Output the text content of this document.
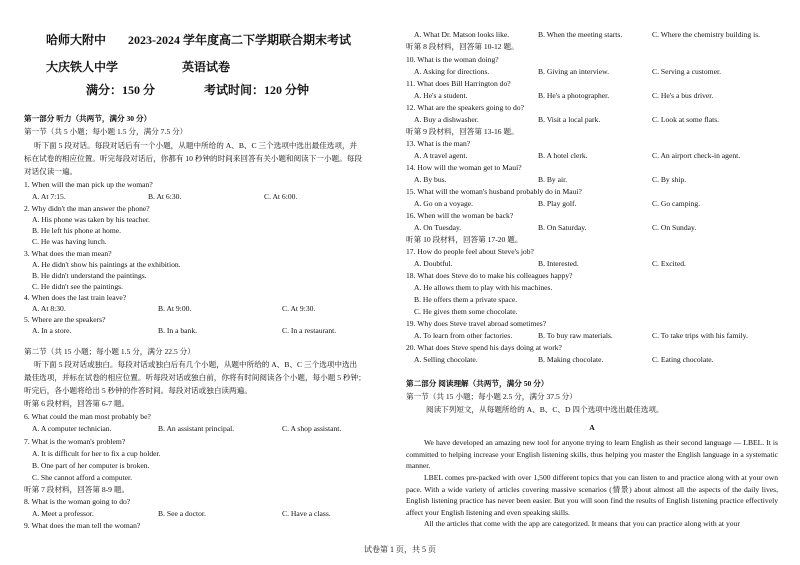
哈师大附中 2023-2024 学年度高二下学期联合期末考试
大庆铁人中学	英语试卷
满分：150 分	考试时间：120 分钟
第一部分 听力（共两节，满分 30 分）
第一节（共 5 小题；每小题 1.5 分，满分 7.5 分）
听下面 5 段对话。每段对话后有一个小题，从题中所给的 A、B、C 三个选项中选出最佳选项，并
标在试卷的相应位置。听完每段对话后，你都有 10 秒钟的时间来回答有关小题和阅读下一小题。每段
对话仅读一遍。
1. When will the man pick up the woman?
A. At 7:15.	B. At 6:30.	C. At 6:00.
2. Why didn't the man answer the phone?
A. His phone was taken by his teacher.
B. He left his phone at home.
C. He was having lunch.
3. What does the man mean?
A. He didn't show his paintings at the exhibition.
B. He didn't understand the paintings.
C. He didn't see the paintings.
4. When does the last train leave?
A. At 8:30.	B. At 9:00.	C. At 9:30.
5. Where are the speakers?
A. In a store.	B. In a bank.	C. In a restaurant.
第二节（共 15 小题；每小题 1.5 分，满分 22.5 分）
听下面 5 段对话或独白。每段对话或独白后有几个小题，从题中所给的 A、B、C 三个选项中选出
最佳选项，并标在试卷的相应位置。听每段对话或独白前，你将有时间阅读各个小题，每小题 5 秒钟；
听完后，各小题将给出 5 秒钟的作答时间。每段对话或独白读两遍。
听第 6 段材料，回答第 6-7 题。
6. What could the man most probably be?
A. A computer technician.	B. An assistant principal.	C. A shop assistant.
7. What is the woman's problem?
A. It is difficult for her to fix a cup holder.
B. One part of her computer is broken.
C. She cannot afford a computer.
听第 7 段材料，回答第 8-9 题。
8. What is the woman going to do?
A. Meet a professor.	B. See a doctor.	C. Have a class.
9. What does the man tell the woman?
A. What Dr. Matson looks like.	B. When the meeting starts.	C. Where the chemistry building is.
听第 8 段材料，回答第 10-12 题。
10. What is the woman doing?
A. Asking for directions.	B. Giving an interview.	C. Serving a customer.
11. What does Bill Harrington do?
A. He's a student.	B. He's a photographer.	C. He's a bus driver.
12. What are the speakers going to do?
A. Buy a dishwasher.	B. Visit a local park.	C. Look at some flats.
听第 9 段材料，回答第 13-16 题。
13. What is the man?
A. A travel agent.	B. A hotel clerk.	C. An airport check-in agent.
14. How will the woman get to Maui?
A. By bus.	B. By air.	C. By ship.
15. What will the woman's husband probably do in Maui?
A. Go on a voyage.	B. Play golf.	C. Go camping.
16. When will the woman be back?
A. On Tuesday.	B. On Saturday.	C. On Sunday.
听第 10 段材料，回答第 17-20 题。
17. How do people feel about Steve's job?
A. Doubtful.	B. Interested.	C. Excited.
18. What does Steve do to make his colleagues happy?
A. He allows them to play with his machines.
B. He offers them a private space.
C. He gives them some chocolate.
19. Why does Steve travel abroad sometimes?
A. To learn from other factories.	B. To buy raw materials.	C. To take trips with his family.
20. What does Steve spend his days doing at work?
A. Selling chocolate.	B. Making chocolate.	C. Eating chocolate.
第二部分 阅读理解（共两节，满分 50 分）
第一节（共 15 小题；每小题 2.5 分，满分 37.5 分）
阅读下列短文，从每题所给的 A、B、C、D 四个选项中选出最佳选项。
A
We have developed an amazing new tool for anyone trying to learn English as their second language — LBEL. It is committed to helping increase your English listening skills, thus helping you master the English language in a systematic manner.
LBEL comes pre-packed with over 1,500 different topics that you can listen to and practice along with at your own pace. With a wide variety of articles covering massive scenarios (情景) about almost all the aspects of the daily lives, English listening practice has never been easier. But you will soon find the results of English listening practice effectively affect your English listening and even speaking skills.
All the articles that come with the app are categorized. It means that you can practice along with at your
试卷第 1 页，共 5 页
